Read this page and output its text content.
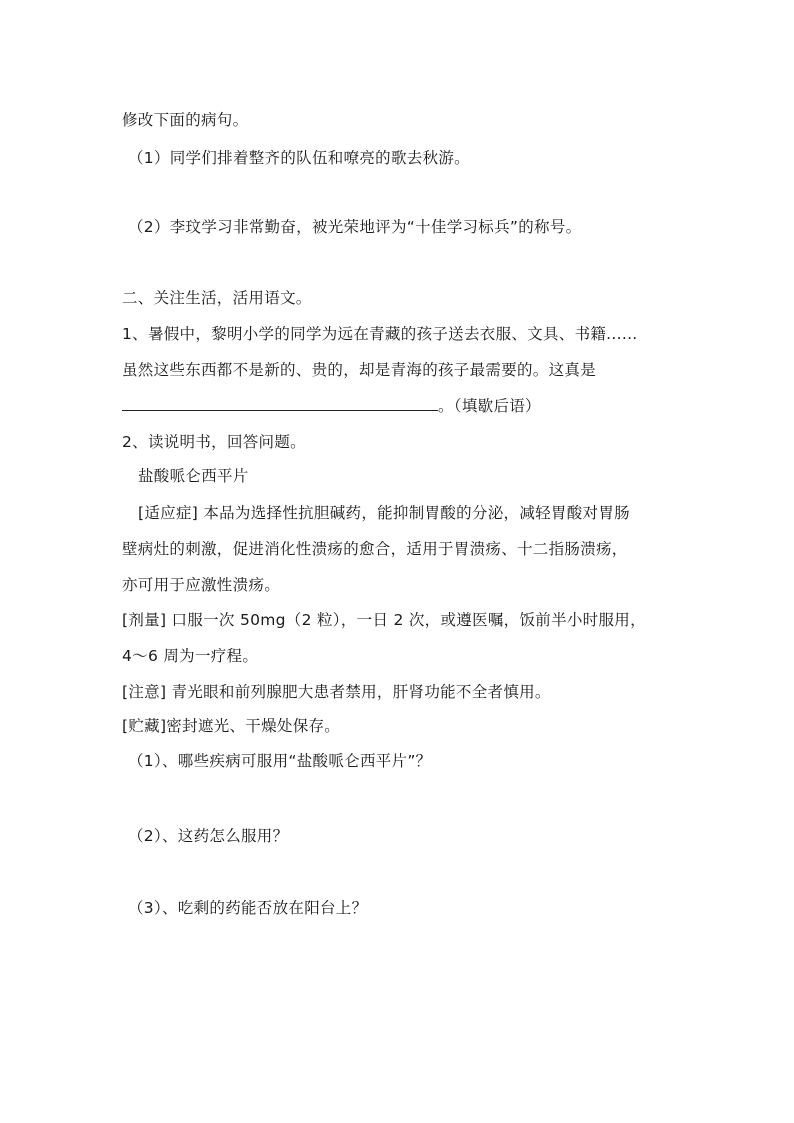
修改下面的病句。
（1）同学们排着整齐的队伍和嘹亮的歌去秋游。
（2）李玟学习非常勤奋，被光荣地评为“十佳学习标兵”的称号。
二、关注生活，活用语文。
1、暑假中，黎明小学的同学为远在青藏的孩子送去衣服、文具、书籍......
虽然这些东西都不是新的、贵的，却是青海的孩子最需要的。这真是
。（填歇后语）
2、读说明书，回答问题。
盐酸哌仑西平片
[适应症] 本品为选择性抗胆碱药，能抑制胃酸的分泌，减轻胃酸对胃肠
壁病灶的刺激，促进消化性溃疡的愈合，适用于胃溃疡、十二指肠溃疡，
亦可用于应激性溃疡。
[剂量] 口服一次 50mg（2 粒），一日 2 次，或遵医嘱，饭前半小时服用，
4～6 周为一疗程。
[注意] 青光眼和前列腺肥大患者禁用，肝肾功能不全者慎用。
[贮藏]密封遮光、干燥处保存。
（1）、哪些疾病可服用“盐酸哌仑西平片”？
（2）、这药怎么服用？
（3）、吃剩的药能否放在阳台上？
